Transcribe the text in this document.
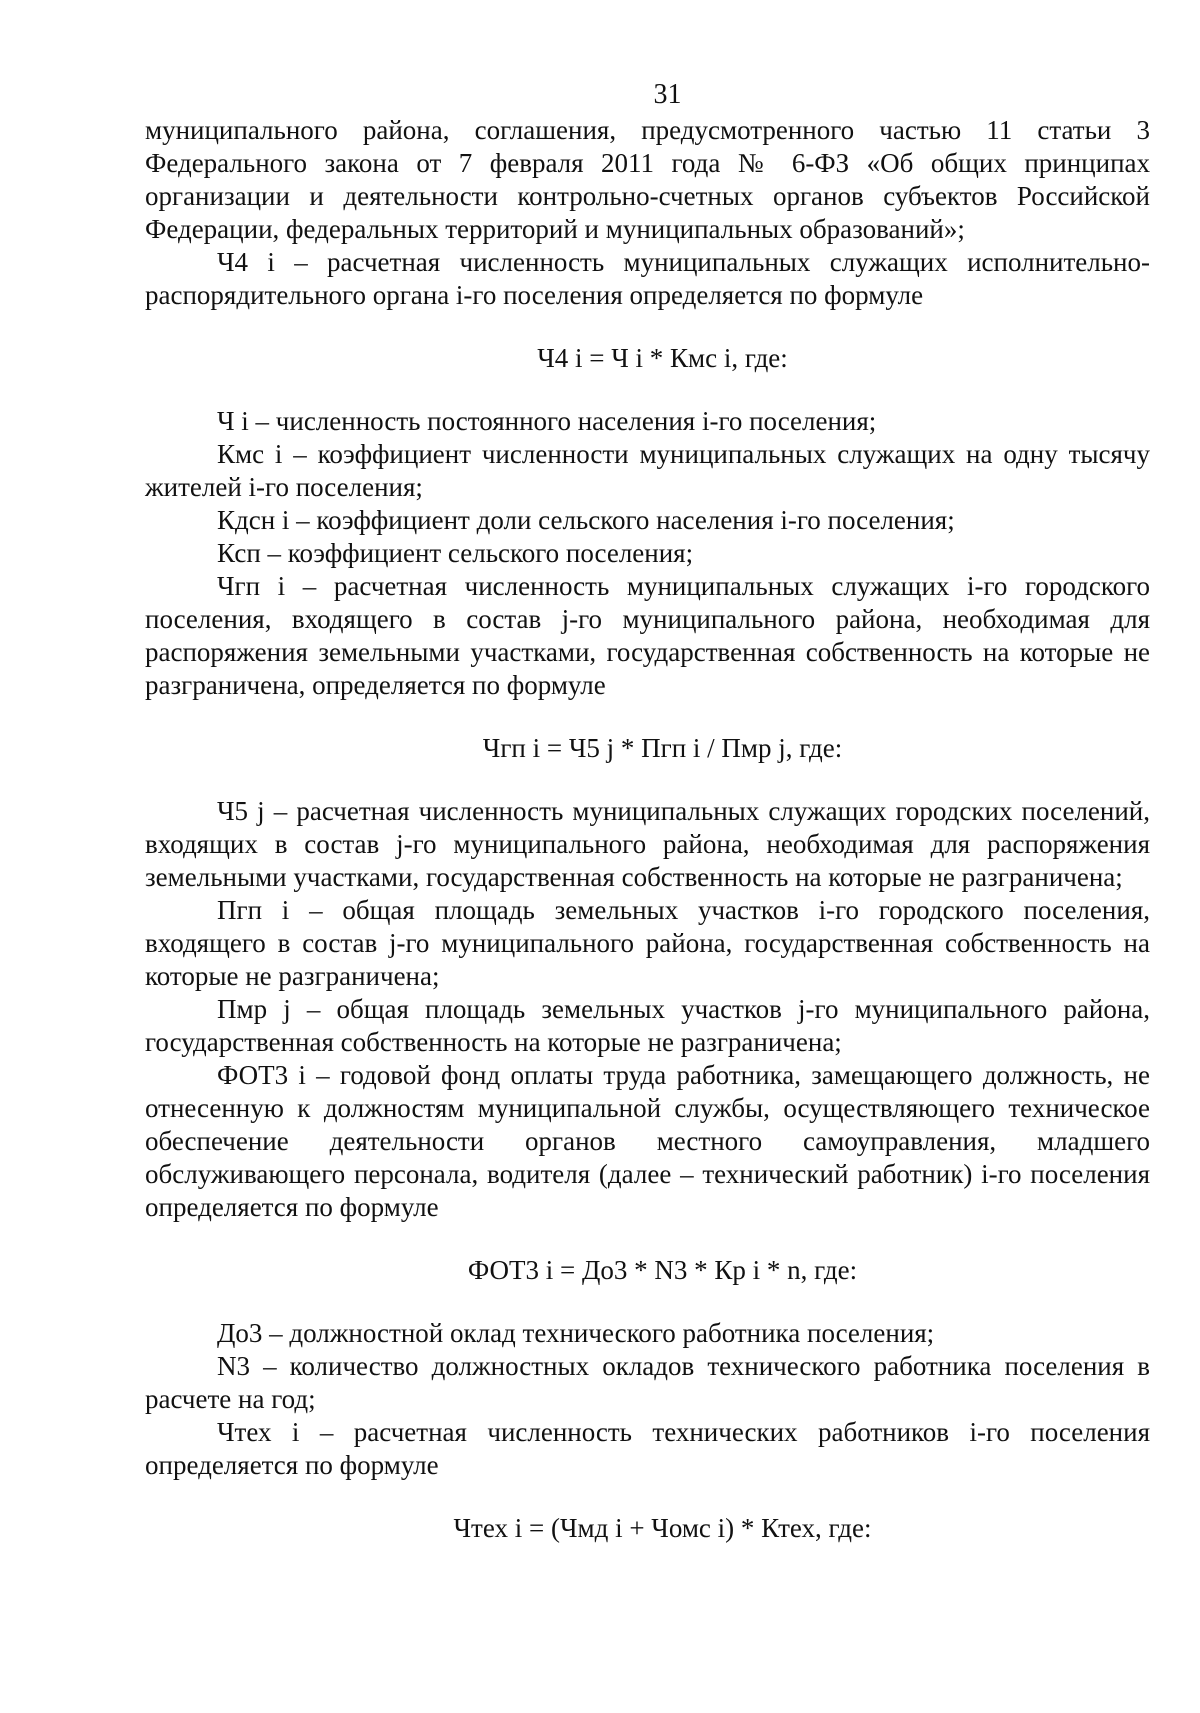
31

муниципального района, соглашения, предусмотренного частью 11 статьи 3 Федерального закона от 7 февраля 2011 года № 6-ФЗ «Об общих принципах организации и деятельности контрольно-счетных органов субъектов Российской Федерации, федеральных территорий и муниципальных образований»;

Ч4 i – расчетная численность муниципальных служащих исполнительно-распорядительного органа i-го поселения определяется по формуле

Ч4 i = Ч i * Кмс i, где:

Ч i – численность постоянного населения i-го поселения;

Кмс i – коэффициент численности муниципальных служащих на одну тысячу жителей i-го поселения;

Кдсн i – коэффициент доли сельского населения i-го поселения;

Ксп – коэффициент сельского поселения;

Чгп i – расчетная численность муниципальных служащих i-го городского поселения, входящего в состав j-го муниципального района, необходимая для распоряжения земельными участками, государственная собственность на которые не разграничена, определяется по формуле

Чгп i = Ч5 j * Пгп i / Пмр j, где:

Ч5 j – расчетная численность муниципальных служащих городских поселений, входящих в состав j-го муниципального района, необходимая для распоряжения земельными участками, государственная собственность на которые не разграничена;

Пгп i – общая площадь земельных участков i-го городского поселения, входящего в состав j-го муниципального района, государственная собственность на которые не разграничена;

Пмр j – общая площадь земельных участков j-го муниципального района, государственная собственность на которые не разграничена;

ФОТ3 i – годовой фонд оплаты труда работника, замещающего должность, не отнесенную к должностям муниципальной службы, осуществляющего техническое обеспечение деятельности органов местного самоуправления, младшего обслуживающего персонала, водителя (далее – технический работник) i-го поселения определяется по формуле

ФОТ3 i = До3 * N3 * Кр i * n, где:

До3 – должностной оклад технического работника поселения;

N3 – количество должностных окладов технического работника поселения в расчете на год;

Чтех i – расчетная численность технических работников i-го поселения определяется по формуле

Чтех i = (Чмд i + Чомс i) * Ктех, где:
